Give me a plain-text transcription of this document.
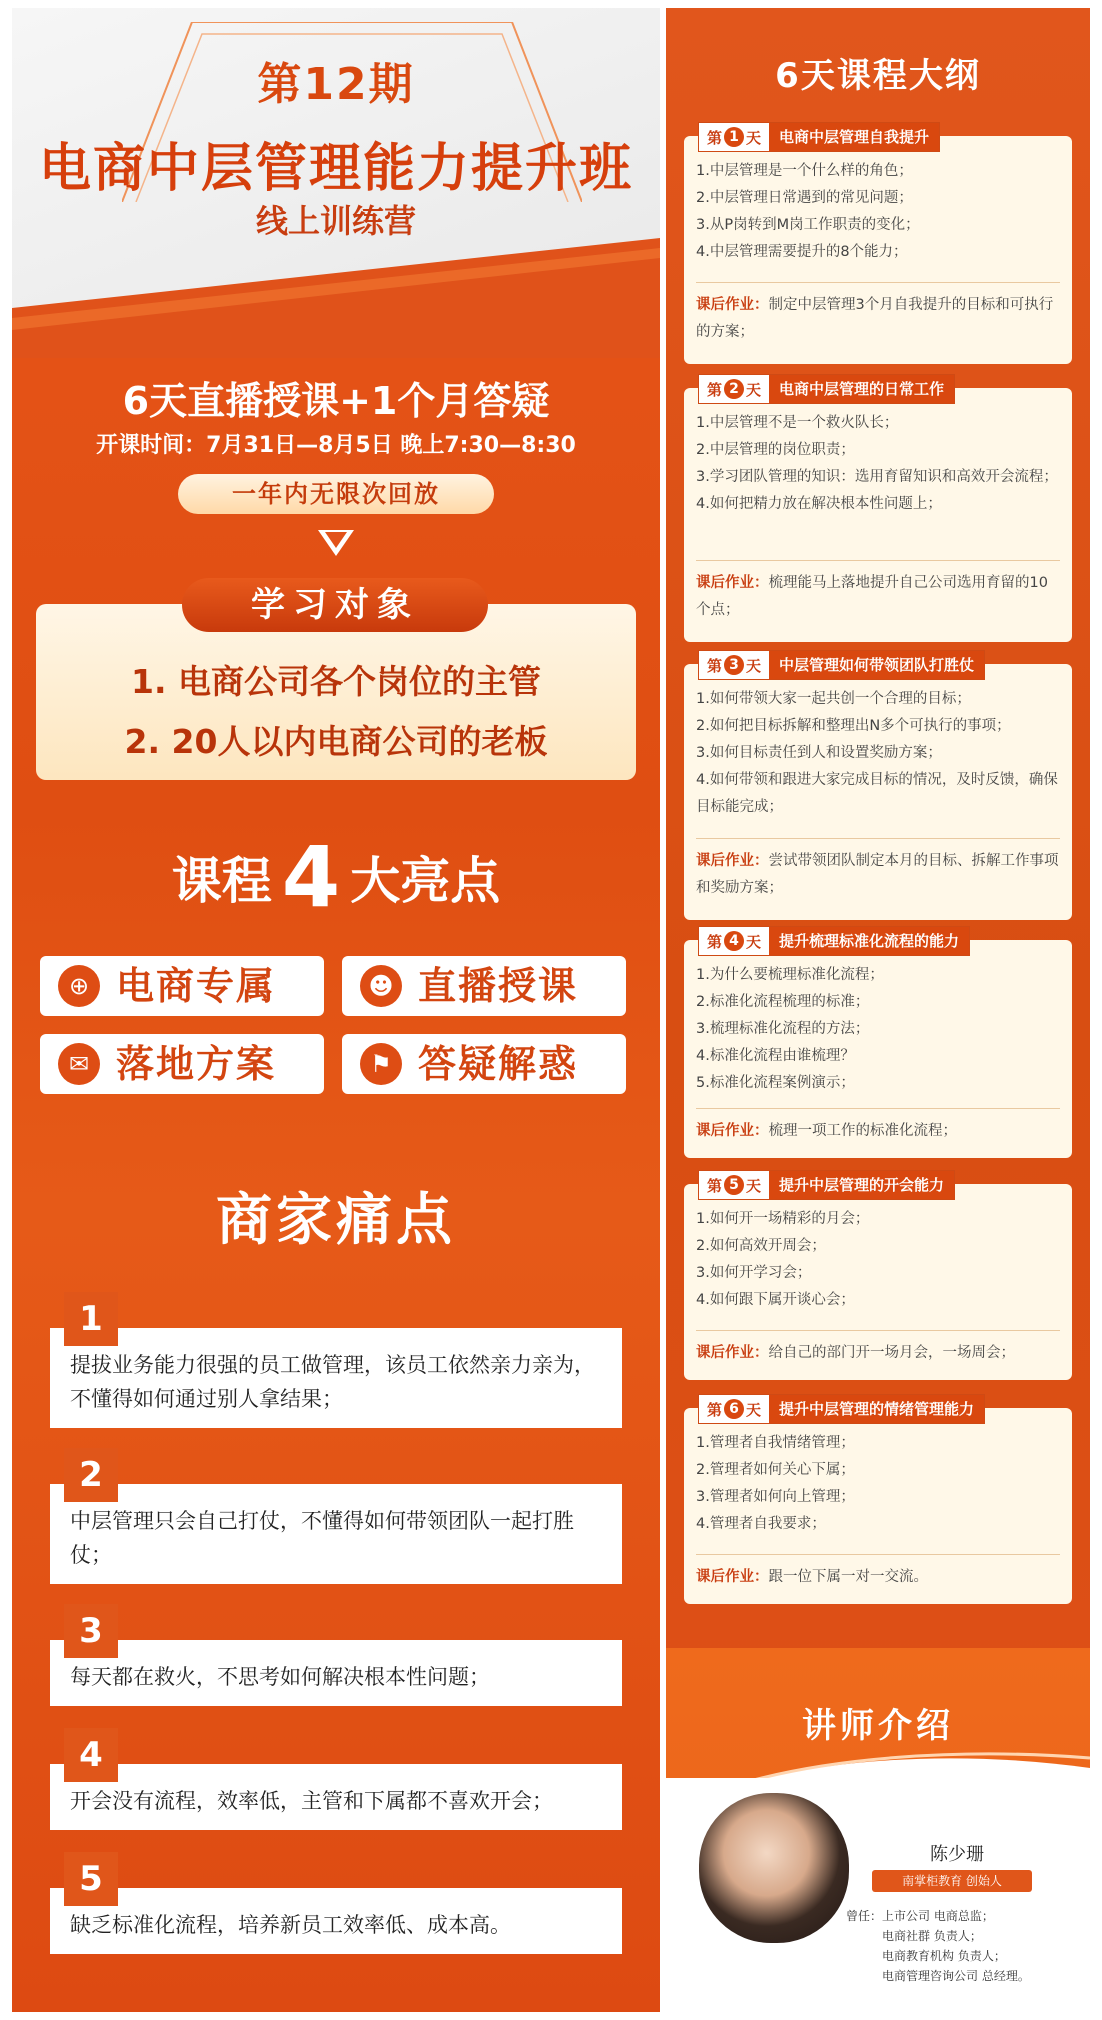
第12期
电商中层管理能力提升班
线上训练营
6天直播授课+1个月答疑
开课时间：7月31日—8月5日 晚上7:30—8:30
一年内无限次回放
学习对象
1. 电商公司各个岗位的主管
2. 20人以内电商公司的老板
课程 4 大亮点
⊕ 电商专属	☻ 直播授课
✉ 落地方案	⚑ 答疑解惑
商家痛点
1
提拔业务能力很强的员工做管理，该员工依然亲力亲为，不懂得如何通过别人拿结果；
2
中层管理只会自己打仗，不懂得如何带领团队一起打胜仗；
3
每天都在救火，不思考如何解决根本性问题；
4
开会没有流程，效率低，主管和下属都不喜欢开会；
5
缺乏标准化流程，培养新员工效率低、成本高。
6天课程大纲
第 1 天	电商中层管理自我提升
1.中层管理是一个什么样的角色；
2.中层管理日常遇到的常见问题；
3.从P岗转到M岗工作职责的变化；
4.中层管理需要提升的8个能力；
课后作业：制定中层管理3个月自我提升的目标和可执行的方案；
第 2 天	电商中层管理的日常工作
1.中层管理不是一个救火队长；
2.中层管理的岗位职责；
3.学习团队管理的知识：选用育留知识和高效开会流程；
4.如何把精力放在解决根本性问题上；
课后作业：梳理能马上落地提升自己公司选用育留的10个点；
第 3 天	中层管理如何带领团队打胜仗
1.如何带领大家一起共创一个合理的目标；
2.如何把目标拆解和整理出N多个可执行的事项；
3.如何目标责任到人和设置奖励方案；
4.如何带领和跟进大家完成目标的情况，及时反馈，确保目标能完成；
课后作业：尝试带领团队制定本月的目标、拆解工作事项和奖励方案；
第 4 天	提升梳理标准化流程的能力
1.为什么要梳理标准化流程；
2.标准化流程梳理的标准；
3.梳理标准化流程的方法；
4.标准化流程由谁梳理？
5.标准化流程案例演示；
课后作业：梳理一项工作的标准化流程；
第 5 天	提升中层管理的开会能力
1.如何开一场精彩的月会；
2.如何高效开周会；
3.如何开学习会；
4.如何跟下属开谈心会；
课后作业：给自己的部门开一场月会，一场周会；
第 6 天	提升中层管理的情绪管理能力
1.管理者自我情绪管理；
2.管理者如何关心下属；
3.管理者如何向上管理；
4.管理者自我要求；
课后作业：跟一位下属一对一交流。
讲师介绍
陈少珊
南掌柜教育 创始人
曾任：上市公司 电商总监；
电商社群 负责人；
电商教育机构 负责人；
电商管理咨询公司 总经理。
